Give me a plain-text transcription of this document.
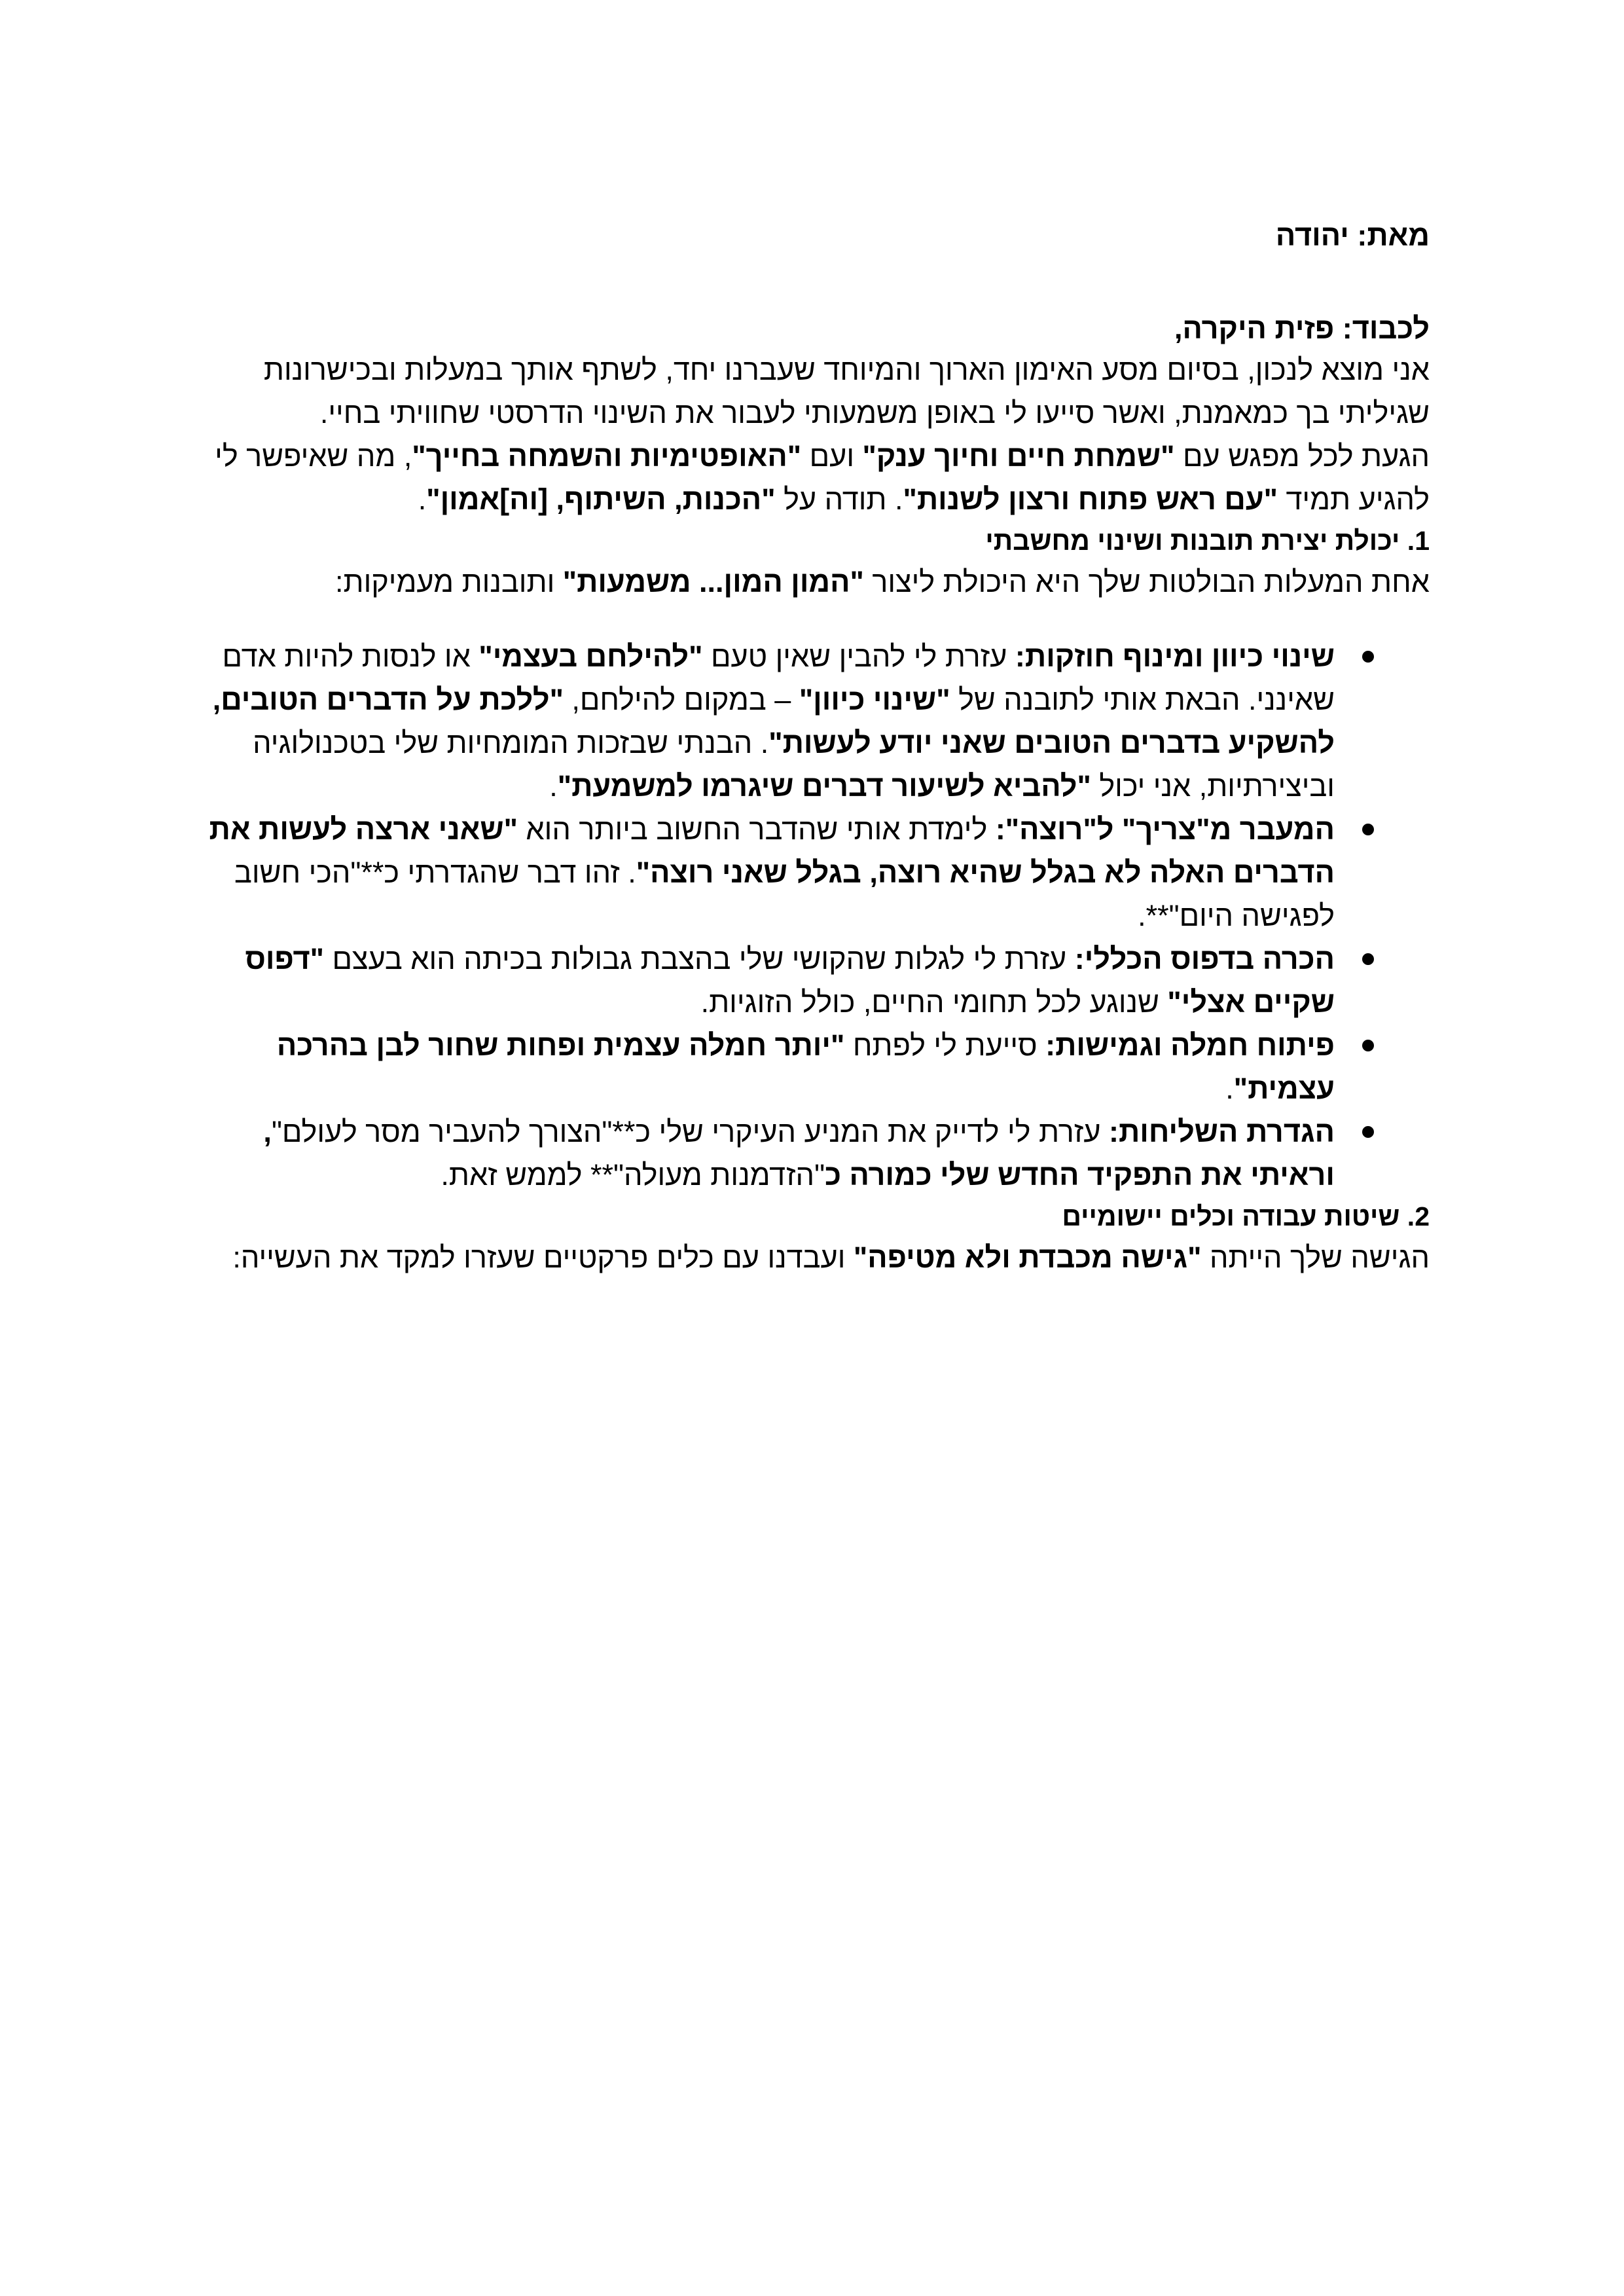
מאת: יהודה

לכבוד: פזית היקרה,

אני מוצא לנכון, בסיום מסע האימון הארוך והמיוחד שעברנו יחד, לשתף אותך במעלות ובכישרונות שגיליתי בך כמאמנת, ואשר סייעו לי באופן משמעותי לעבור את השינוי הדרסטי שחוויתי בחיי.

הגעת לכל מפגש עם "שמחת חיים וחיוך ענק" ועם "האופטימיות והשמחה בחייך", מה שאיפשר לי להגיע תמיד "עם ראש פתוח ורצון לשנות". תודה על "הכנות, השיתוף, [וה]אמון".

1. יכולת יצירת תובנות ושינוי מחשבתי

אחת המעלות הבולטות שלך היא היכולת ליצור "המון המון... משמעות" ותובנות מעמיקות:

שינוי כיוון ומינוף חוזקות: עזרת לי להבין שאין טעם "להילחם בעצמי" או לנסות להיות אדם שאינני. הבאת אותי לתובנה של "שינוי כיוון" – במקום להילחם, "ללכת על הדברים הטובים, להשקיע בדברים הטובים שאני יודע לעשות". הבנתי שבזכות המומחיות שלי בטכנולוגיה וביצירתיות, אני יכול "להביא לשיעור דברים שיגרמו למשמעת".
המעבר מ"צריך" ל"רוצה": לימדת אותי שהדבר החשוב ביותר הוא "שאני ארצה לעשות את הדברים האלה לא בגלל שהיא רוצה, בגלל שאני רוצה". זהו דבר שהגדרתי כ**"הכי חשוב לפגישה היום"**.
הכרה בדפוס הכללי: עזרת לי לגלות שהקושי שלי בהצבת גבולות בכיתה הוא בעצם "דפוס שקיים אצלי" שנוגע לכל תחומי החיים, כולל הזוגיות.
פיתוח חמלה וגמישות: סייעת לי לפתח "יותר חמלה עצמית ופחות שחור לבן בהרכה עצמית".
הגדרת השליחות: עזרת לי לדייק את המניע העיקרי שלי כ**"הצורך להעביר מסר לעולם", וראיתי את התפקיד החדש שלי כמורה כ"הזדמנות מעולה"** לממש זאת.
2. שיטות עבודה וכלים יישומיים

הגישה שלך הייתה "גישה מכבדת ולא מטיפה" ועבדנו עם כלים פרקטיים שעזרו למקד את העשייה:
